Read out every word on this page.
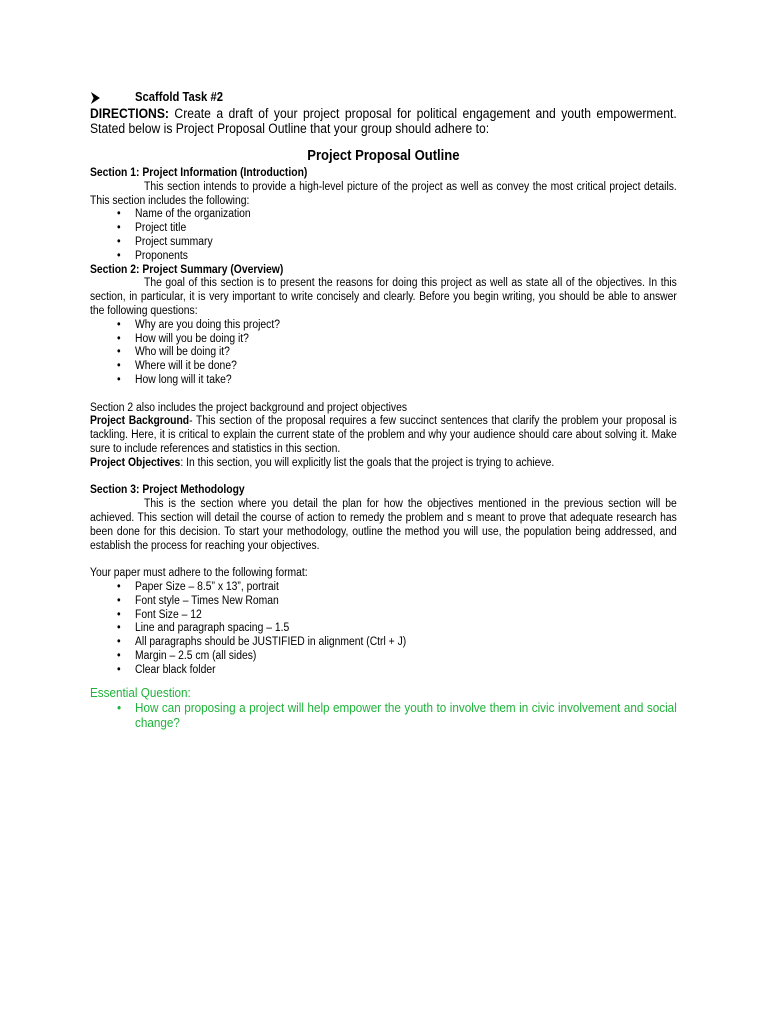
Scaffold Task #2

DIRECTIONS: Create a draft of your project proposal for political engagement and youth empowerment. Stated below is Project Proposal Outline that your group should adhere to:

Project Proposal Outline

Section 1: Project Information (Introduction)

This section intends to provide a high-level picture of the project as well as convey the most critical project details. This section includes the following:

• Name of the organization
• Project title
• Project summary
• Proponents

Section 2: Project Summary (Overview)

The goal of this section is to present the reasons for doing this project as well as state all of the objectives. In this section, in particular, it is very important to write concisely and clearly. Before you begin writing, you should be able to answer the following questions:

• Why are you doing this project?
• How will you be doing it?
• Who will be doing it?
• Where will it be done?
• How long will it take?

Section 2 also includes the project background and project objectives

Project Background- This section of the proposal requires a few succinct sentences that clarify the problem your proposal is tackling. Here, it is critical to explain the current state of the problem and why your audience should care about solving it. Make sure to include references and statistics in this section.

Project Objectives: In this section, you will explicitly list the goals that the project is trying to achieve.

Section 3: Project Methodology

This is the section where you detail the plan for how the objectives mentioned in the previous section will be achieved. This section will detail the course of action to remedy the problem and s meant to prove that adequate research has been done for this decision. To start your methodology, outline the method you will use, the population being addressed, and establish the process for reaching your objectives.

Your paper must adhere to the following format:

• Paper Size – 8.5” x 13”, portrait
• Font style – Times New Roman
• Font Size – 12
• Line and paragraph spacing – 1.5
• All paragraphs should be JUSTIFIED in alignment (Ctrl + J)
• Margin – 2.5 cm (all sides)
• Clear black folder

Essential Question:

• How can proposing a project will help empower the youth to involve them in civic involvement and social change?
